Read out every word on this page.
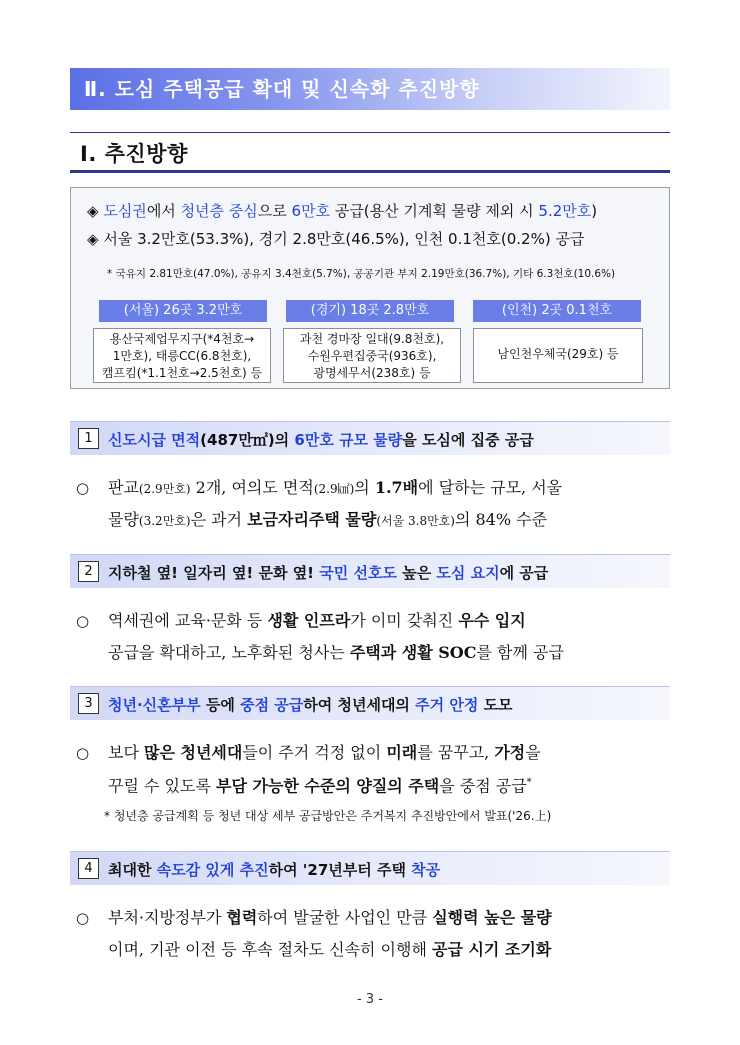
Ⅱ. 도심 주택공급 확대 및 신속화 추진방향
Ⅰ. 추진방향
◈ 도심권에서 청년층 중심으로 6만호 공급(용산 기계획 물량 제외 시 5.2만호)
◈ 서울 3.2만호(53.3%), 경기 2.8만호(46.5%), 인천 0.1천호(0.2%) 공급
* 국유지 2.81만호(47.0%), 공유지 3.4천호(5.7%), 공공기관 부지 2.19만호(36.7%), 기타 6.3천호(10.6%)
(서울) 26곳 3.2만호	(경기) 18곳 2.8만호	(인천) 2곳 0.1천호
용산국제업무지구(*4천호→
1만호), 태릉CC(6.8천호),
캠프킴(*1.1천호→2.5천호) 등
과천 경마장 일대(9.8천호),
수원우편집중국(936호),
광명세무서(238호) 등
남인천우체국(29호) 등
1	신도시급 면적(487만㎡)의 6만호 규모 물량을 도심에 집중 공급
○ 판교(2.9만호) 2개, 여의도 면적(2.9㎢)의 1.7배에 달하는 규모, 서울
물량(3.2만호)은 과거 보금자리주택 물량(서울 3.8만호)의 84% 수준
2	지하철 옆! 일자리 옆! 문화 옆! 국민 선호도 높은 도심 요지에 공급
○ 역세권에 교육·문화 등 생활 인프라가 이미 갖춰진 우수 입지
공급을 확대하고, 노후화된 청사는 주택과 생활 SOC를 함께 공급
3	청년·신혼부부 등에 중점 공급하여 청년세대의 주거 안정 도모
○ 보다 많은 청년세대들이 주거 걱정 없이 미래를 꿈꾸고, 가정을
꾸릴 수 있도록 부담 가능한 수준의 양질의 주택을 중점 공급*
* 청년층 공급계획 등 청년 대상 세부 공급방안은 주거복지 추진방안에서 발표('26.上)
4	최대한 속도감 있게 추진하여 '27년부터 주택 착공
○ 부처·지방정부가 협력하여 발굴한 사업인 만큼 실행력 높은 물량
이며, 기관 이전 등 후속 절차도 신속히 이행해 공급 시기 조기화
- 3 -
